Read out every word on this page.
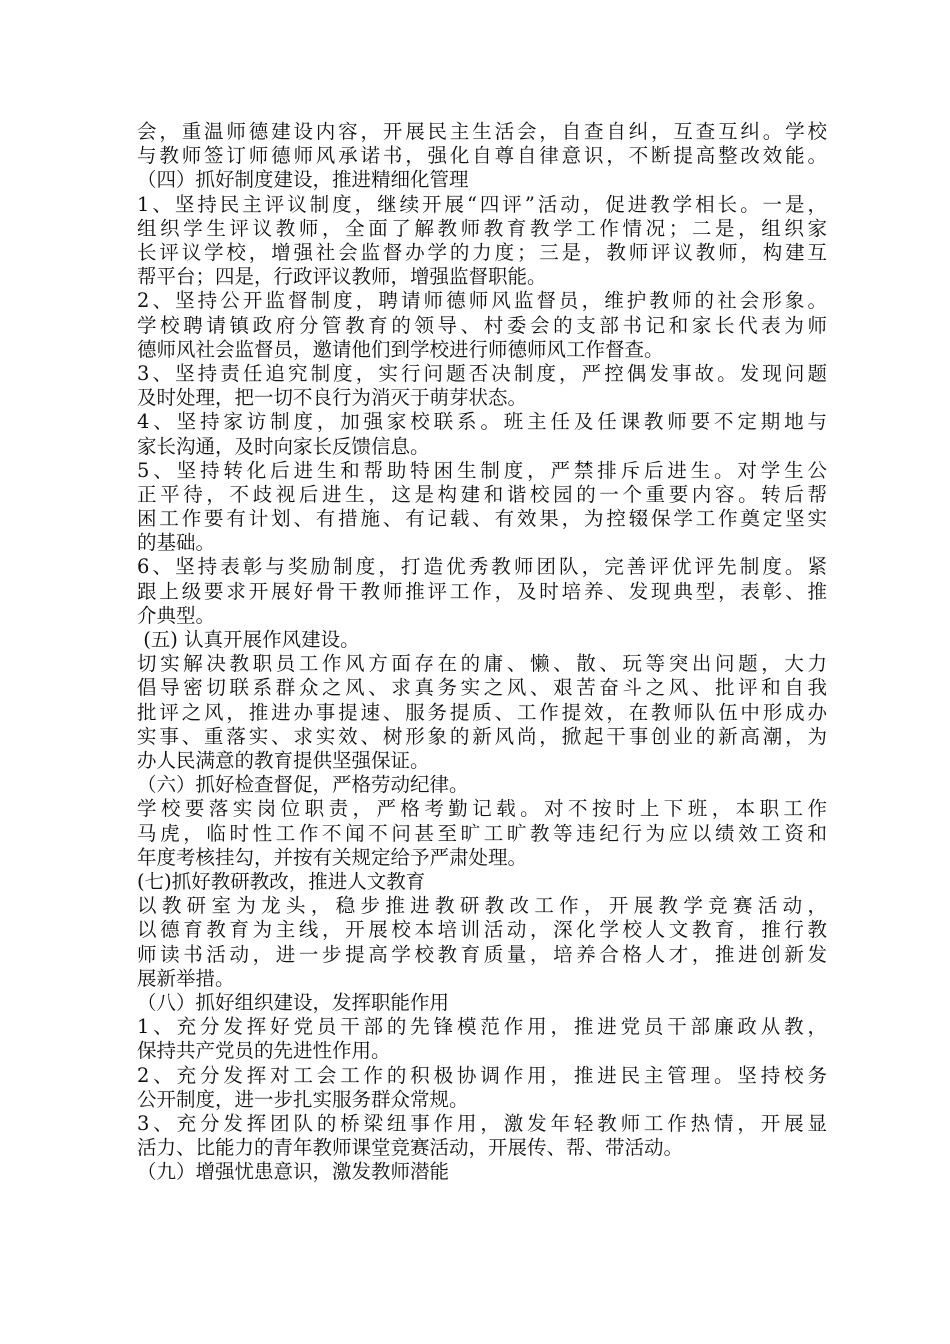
会，重温师德建设内容，开展民主生活会，自查自纠，互查互纠。学校
与教师签订师德师风承诺书，强化自尊自律意识，不断提高整改效能。
（四）抓好制度建设，推进精细化管理
1、坚持民主评议制度，继续开展“四评”活动，促进教学相长。一是，
组织学生评议教师，全面了解教师教育教学工作情况；二是，组织家
长评议学校，增强社会监督办学的力度；三是，教师评议教师，构建互
帮平台；四是，行政评议教师，增强监督职能。
2、坚持公开监督制度，聘请师德师风监督员，维护教师的社会形象。
学校聘请镇政府分管教育的领导、村委会的支部书记和家长代表为师
德师风社会监督员，邀请他们到学校进行师德师风工作督查。
3、坚持责任追究制度，实行问题否决制度，严控偶发事故。发现问题
及时处理，把一切不良行为消灭于萌芽状态。
4、坚持家访制度，加强家校联系。班主任及任课教师要不定期地与
家长沟通，及时向家长反馈信息。
5、坚持转化后进生和帮助特困生制度，严禁排斥后进生。对学生公
正平待，不歧视后进生，这是构建和谐校园的一个重要内容。转后帮
困工作要有计划、有措施、有记载、有效果，为控辍保学工作奠定坚实
的基础。
6、坚持表彰与奖励制度，打造优秀教师团队，完善评优评先制度。紧
跟上级要求开展好骨干教师推评工作，及时培养、发现典型，表彰、推
介典型。
(五) 认真开展作风建设。
切实解决教职员工作风方面存在的庸、懒、散、玩等突出问题，大力
倡导密切联系群众之风、求真务实之风、艰苦奋斗之风、批评和自我
批评之风，推进办事提速、服务提质、工作提效，在教师队伍中形成办
实事、重落实、求实效、树形象的新风尚，掀起干事创业的新高潮，为
办人民满意的教育提供坚强保证。
（六）抓好检查督促，严格劳动纪律。
学校要落实岗位职责，严格考勤记载。对不按时上下班，本职工作
马虎，临时性工作不闻不问甚至旷工旷教等违纪行为应以绩效工资和
年度考核挂勾，并按有关规定给予严肃处理。
(七)抓好教研教改，推进人文教育
以教研室为龙头，稳步推进教研教改工作，开展教学竞赛活动，
以德育教育为主线，开展校本培训活动，深化学校人文教育，推行教
师读书活动，进一步提高学校教育质量，培养合格人才，推进创新发
展新举措。
（八）抓好组织建设，发挥职能作用
1、充分发挥好党员干部的先锋模范作用，推进党员干部廉政从教，
保持共产党员的先进性作用。
2、充分发挥对工会工作的积极协调作用，推进民主管理。坚持校务
公开制度，进一步扎实服务群众常规。
3、充分发挥团队的桥梁纽事作用，激发年轻教师工作热情，开展显
活力、比能力的青年教师课堂竞赛活动，开展传、帮、带活动。
（九）增强忧患意识，激发教师潜能
